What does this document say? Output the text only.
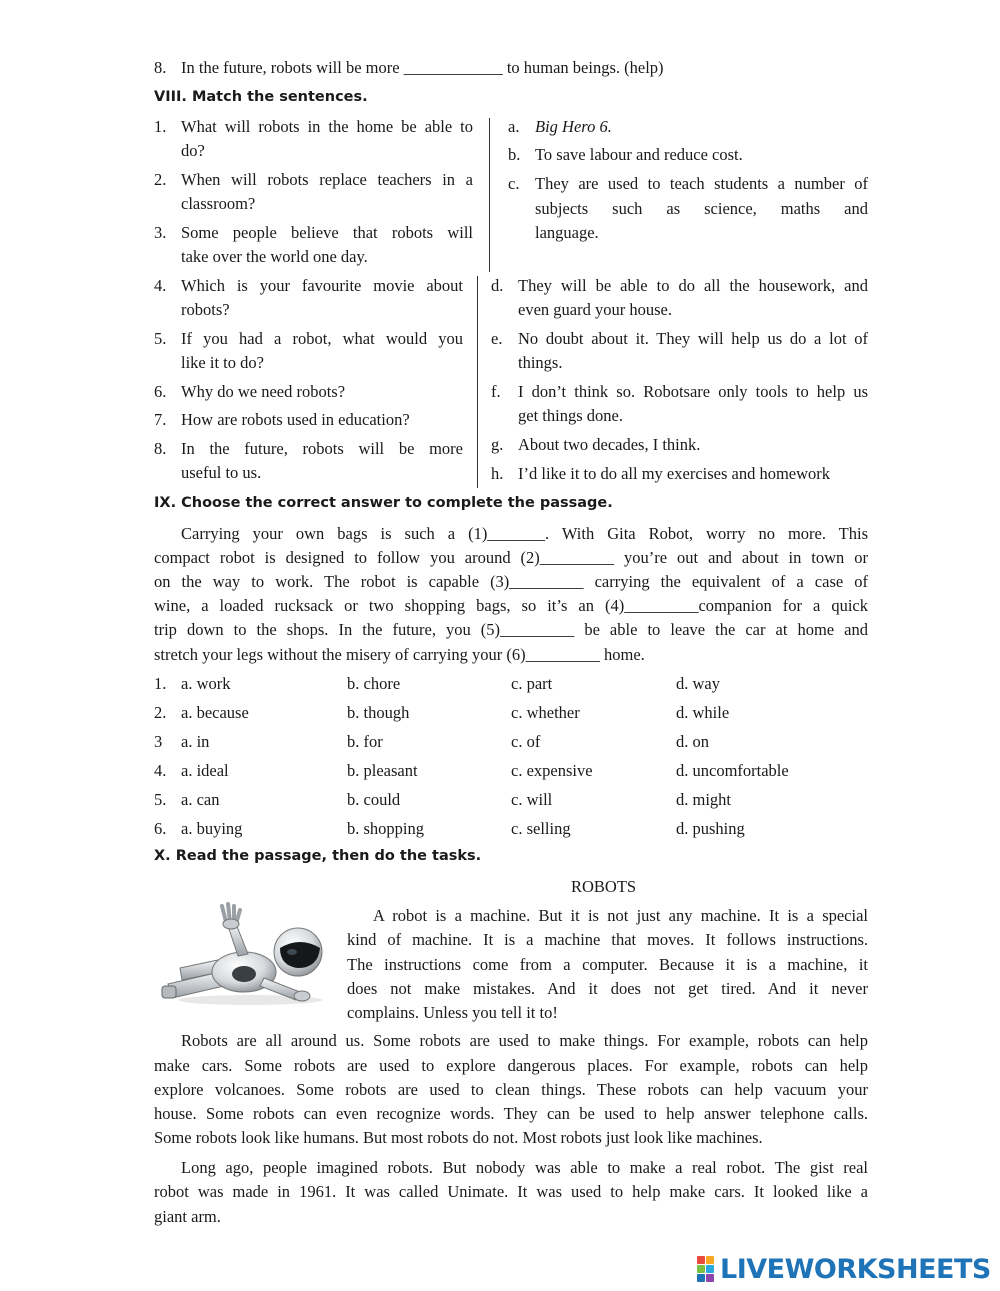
8. In the future, robots will be more ____________ to human beings. (help)
VIII. Match the sentences.
1. What will robots in the home be able to
do?
2. When will robots replace teachers in a
classroom?
3. Some people believe that robots will
take over the world one day.
4. Which is your favourite movie about
robots?
5. If you had a robot, what would you
like it to do?
6. Why do we need robots?
7. How are robots used in education?
8. In the future, robots will be more
useful to us.
a. Big Hero 6.
b. To save labour and reduce cost.
c. They are used to teach students a number of
subjects such as science, maths and
language.
d. They will be able to do all the housework, and
even guard your house.
e. No doubt about it. They will help us do a lot of
things.
f. I don’t think so. Robotsare only tools to help us
get things done.
g. About two decades, I think.
h. I’d like it to do all my exercises and homework
IX. Choose the correct answer to complete the passage.
Carrying your own bags is such a (1)_______. With Gita Robot, worry no more. This
compact robot is designed to follow you around (2)_________ you’re out and about in town or
on the way to work. The robot is capable (3)_________ carrying the equivalent of a case of
wine, a loaded rucksack or two shopping bags, so it’s an (4)_________companion for a quick
trip down to the shops. In the future, you (5)_________ be able to leave the car at home and
stretch your legs without the misery of carrying your (6)_________ home.
1. a. work	b. chore	c. part	d. way
2. a. because	b. though	c. whether	d. while
3 a. in	b. for	c. of	d. on
4. a. ideal	b. pleasant	c. expensive	d. uncomfortable
5. a. can	b. could	c. will	d. might
6. a. buying	b. shopping	c. selling	d. pushing
X. Read the passage, then do the tasks.
ROBOTS
A robot is a machine. But it is not just any machine. It is a special
kind of machine. It is a machine that moves. It follows instructions.
The instructions come from a computer. Because it is a machine, it
does not make mistakes. And it does not get tired. And it never
complains. Unless you tell it to!
Robots are all around us. Some robots are used to make things. For example, robots can help
make cars. Some robots are used to explore dangerous places. For example, robots can help
explore volcanoes. Some robots are used to clean things. These robots can help vacuum your
house. Some robots can even recognize words. They can be used to help answer telephone calls.
Some robots look like humans. But most robots do not. Most robots just look like machines.
Long ago, people imagined robots. But nobody was able to make a real robot. The gist real
robot was made in 1961. It was called Unimate. It was used to help make cars. It looked like a
giant arm.
LIVEWORKSHEETS
